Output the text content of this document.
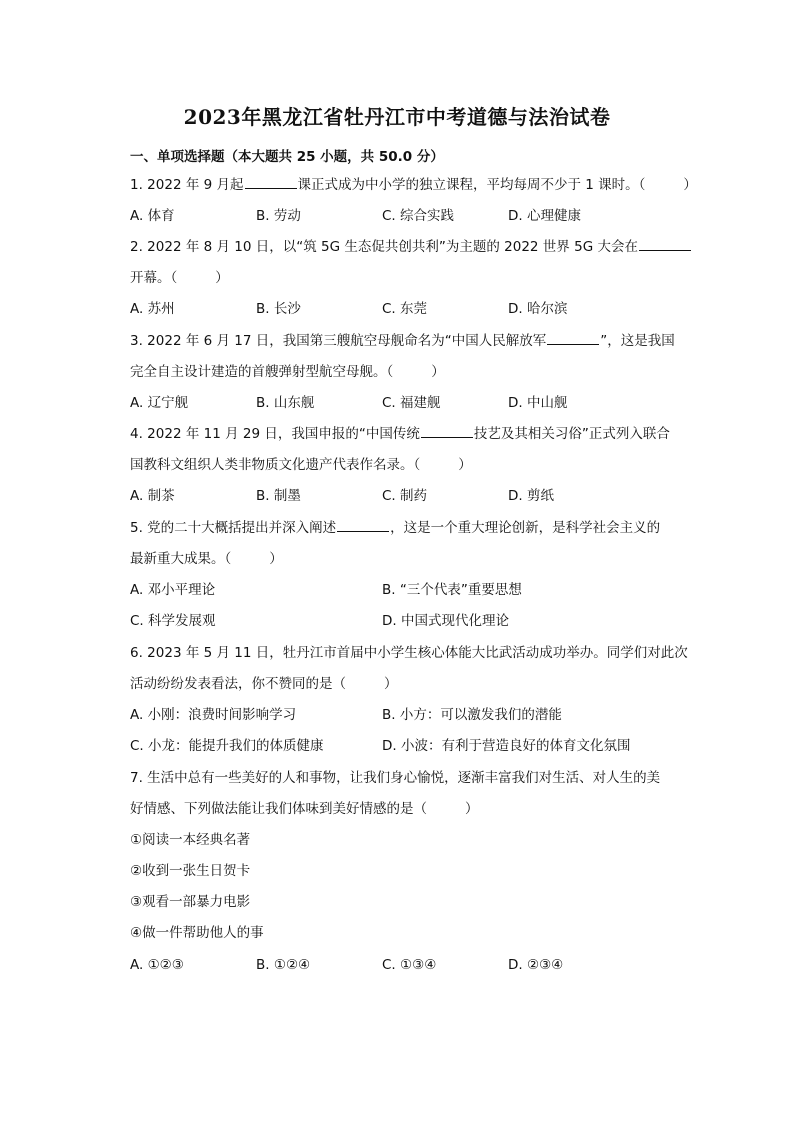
2023年黑龙江省牡丹江市中考道德与法治试卷
一、单项选择题（本大题共 25 小题，共 50.0 分）
1. 2022 年 9 月起	课正式成为中小学的独立课程，平均每周不少于 1 课时。（	）
A. 体育	B. 劳动	C. 综合实践	D. 心理健康
2. 2022 年 8 月 10 日，以“筑 5G 生态促共创共利”为主题的 2022 世界 5G 大会在
开幕。（	）
A. 苏州	B. 长沙	C. 东莞	D. 哈尔滨
3. 2022 年 6 月 17 日，我国第三艘航空母舰命名为“中国人民解放军	”，这是我国
完全自主设计建造的首艘弹射型航空母舰。（	）
A. 辽宁舰	B. 山东舰	C. 福建舰	D. 中山舰
4. 2022 年 11 月 29 日，我国申报的“中国传统	技艺及其相关习俗”正式列入联合
国教科文组织人类非物质文化遗产代表作名录。（	）
A. 制茶	B. 制墨	C. 制药	D. 剪纸
5. 党的二十大概括提出并深入阐述	，这是一个重大理论创新，是科学社会主义的
最新重大成果。（	）
A. 邓小平理论	B. “三个代表”重要思想
C. 科学发展观	D. 中国式现代化理论
6. 2023 年 5 月 11 日，牡丹江市首届中小学生核心体能大比武活动成功举办。同学们对此次
活动纷纷发表看法，你不赞同的是（	）
A. 小刚：浪费时间影响学习	B. 小方：可以激发我们的潜能
C. 小龙：能提升我们的体质健康	D. 小波：有利于营造良好的体育文化氛围
7. 生活中总有一些美好的人和事物，让我们身心愉悦，逐渐丰富我们对生活、对人生的美
好情感、下列做法能让我们体味到美好情感的是（	）
①阅读一本经典名著
②收到一张生日贺卡
③观看一部暴力电影
④做一件帮助他人的事
A. ①②③	B. ①②④	C. ①③④	D. ②③④
